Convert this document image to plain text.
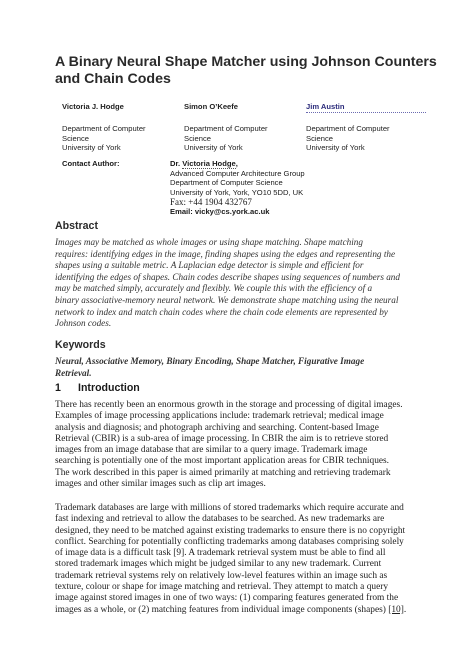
A Binary Neural Shape Matcher using Johnson Counters
and Chain Codes
Victoria J. Hodge
Department of Computer
Science
University of York
Simon O’Keefe
Department of Computer
Science
University of York
Jim Austin
Department of Computer
Science
University of York
Contact Author:	Dr. Victoria Hodge,
Advanced Computer Architecture Group
Department of Computer Science
University of York, York, YO10 5DD, UK
Fax: +44 1904 432767
Email: vicky@cs.york.ac.uk
Abstract
Images may be matched as whole images or using shape matching. Shape matching
requires: identifying edges in the image, finding shapes using the edges and representing the
shapes using a suitable metric. A Laplacian edge detector is simple and efficient for
identifying the edges of shapes. Chain codes describe shapes using sequences of numbers and
may be matched simply, accurately and flexibly. We couple this with the efficiency of a
binary associative-memory neural network. We demonstrate shape matching using the neural
network to index and match chain codes where the chain code elements are represented by
Johnson codes.
Keywords
Neural, Associative Memory, Binary Encoding, Shape Matcher, Figurative Image
Retrieval.
1 Introduction
There has recently been an enormous growth in the storage and processing of digital images.
Examples of image processing applications include: trademark retrieval; medical image
analysis and diagnosis; and photograph archiving and searching. Content-based Image
Retrieval (CBIR) is a sub-area of image processing. In CBIR the aim is to retrieve stored
images from an image database that are similar to a query image. Trademark image
searching is potentially one of the most important application areas for CBIR techniques.
The work described in this paper is aimed primarily at matching and retrieving trademark
images and other similar images such as clip art images.
Trademark databases are large with millions of stored trademarks which require accurate and
fast indexing and retrieval to allow the databases to be searched. As new trademarks are
designed, they need to be matched against existing trademarks to ensure there is no copyright
conflict. Searching for potentially conflicting trademarks among databases comprising solely
of image data is a difficult task [9]. A trademark retrieval system must be able to find all
stored trademark images which might be judged similar to any new trademark. Current
trademark retrieval systems rely on relatively low-level features within an image such as
texture, colour or shape for image matching and retrieval. They attempt to match a query
image against stored images in one of two ways: (1) comparing features generated from the
images as a whole, or (2) matching features from individual image components (shapes) [10].
